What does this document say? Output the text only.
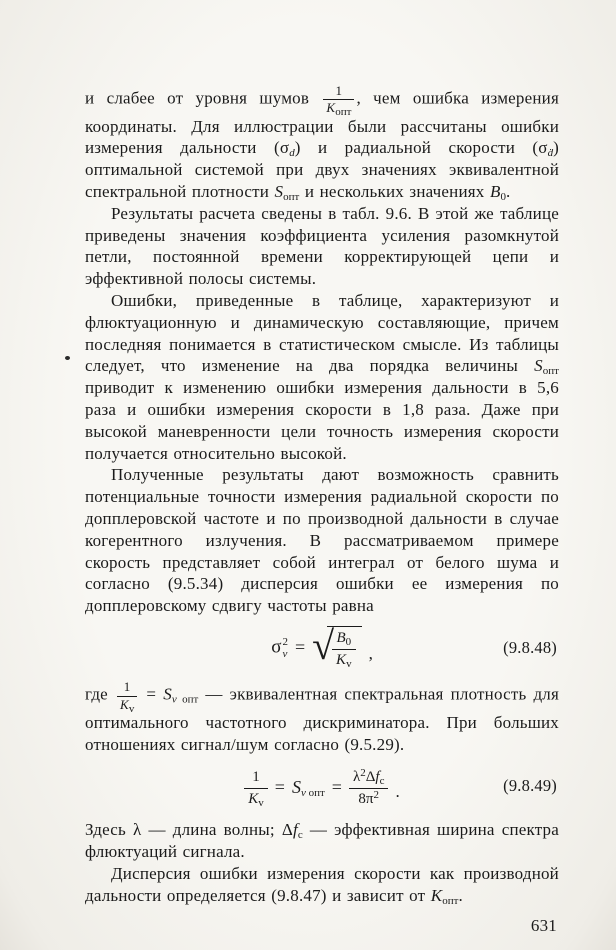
и слабее от уровня шумов	1
$K_{опт}$
, чем ошибка измерения координаты. Для иллюстрации были рассчитаны ошибки измерения дальности $(\sigma_d)$ и радиальной скорости $(\sigma_ḋ)$ оптимальной системой при двух значениях эквивалентной спектральной плотности $S_{опт}$ и нескольких значениях $B_0$.

Результаты расчета сведены в табл. 9.6. В этой же таблице приведены значения коэффициента усиления разомкнутой петли, постоянной времени корректирующей цепи и эффективной полосы системы.

Ошибки, приведенные в таблице, характеризуют и флюктуационную и динамическую составляющие, причем последняя понимается в статистическом смысле. Из таблицы следует, что изменение на два порядка величины $S_{опт}$ приводит к изменению ошибки измерения дальности в 5,6 раза и ошибки измерения скорости в 1,8 раза. Даже при высокой маневренности цели точность измерения скорости получается относительно высокой.

Полученные результаты дают возможность сравнить потенциальные точности измерения радиальной скорости по допплеровской частоте и по производной дальности в случае когерентного излучения. В рассматриваемом примере скорость представляет собой интеграл от белого шума и согласно (9.5.34) дисперсия ошибки ее измерения по допплеровскому сдвигу частоты равна

σ 2
v = √
$\frac{B_0}{K_v}$ ,	(9.8.48)

где $\frac{1}{K_v} = S_{v опт}$ — эквивалентная спектральная плотность для оптимального частотного дискриминатора. При больших отношениях сигнал/шум согласно (9.5.29).

$\frac{1}{K_v} = S_{v опт}$ =
$\lambda^2\Delta f_c$
$8\pi^2$ .	(9.8.49)

Здесь λ — длина волны; $\Delta f_c$ — эффективная ширина спектра флюктуаций сигнала.

Дисперсия ошибки измерения скорости как производной дальности определяется (9.8.47) и зависит от $K_{опт}$.

631
